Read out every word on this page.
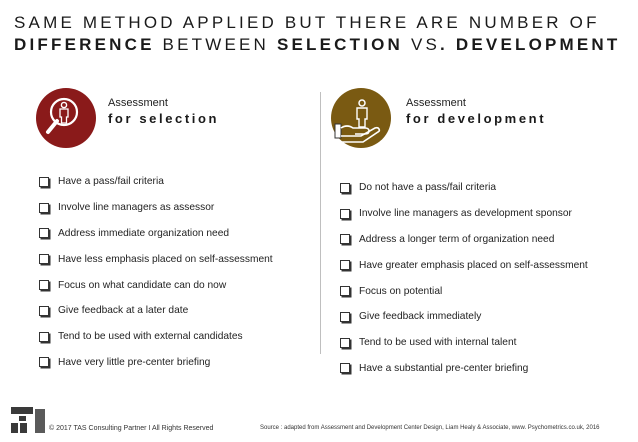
SAME METHOD APPLIED BUT THERE ARE NUMBER OF
DIFFERENCE BETWEEN SELECTION VS. DEVELOPMENT
Assessment
for selection
Have a pass/fail criteria
Involve line managers as assessor
Address immediate organization need
Have less emphasis placed on self-assessment
Focus on what candidate can do now
Give feedback at a later date
Tend to be used with external candidates
Have very little pre-center briefing
Assessment
for development
Do not have a pass/fail criteria
Involve line managers as development sponsor
Address a longer term of organization need
Have greater emphasis placed on self-assessment
Focus on potential
Give feedback immediately
Tend to be used with internal talent
Have a substantial pre-center briefing
© 2017 TAS Consulting Partner I All Rights Reserved	Source : adapted from Assessment and Development Center Design, Liam Healy & Associate, www. Psychometrics.co.uk, 2016
